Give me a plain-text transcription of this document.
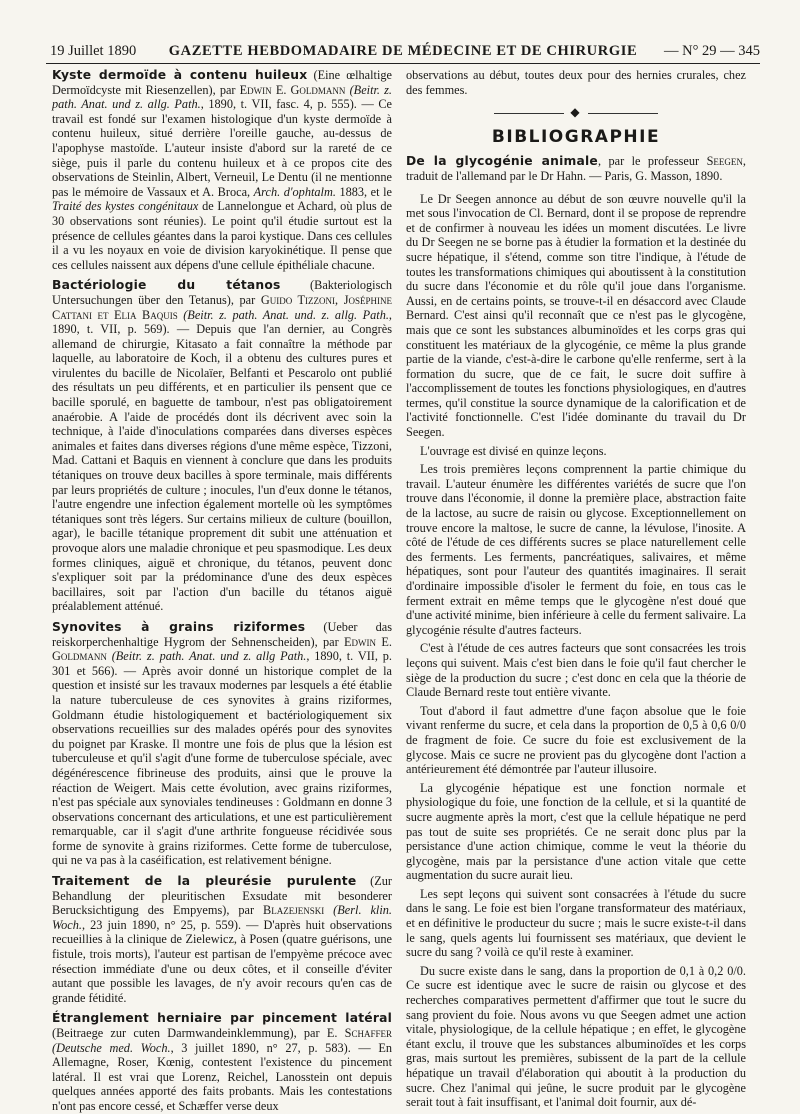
19 Juillet 1890	GAZETTE HEBDOMADAIRE DE MÉDECINE ET DE CHIRURGIE	— N° 29 — 345

Kyste dermoïde à contenu huileux (Eine œlhaltige Dermoïdcyste mit Riesenzellen), par Edwin E. Goldmann (Beitr. z. path. Anat. und z. allg. Path., 1890, t. VII, fasc. 4, p. 555). — Ce travail est fondé sur l'examen histologique d'un kyste dermoïde à contenu huileux, situé derrière l'oreille gauche, au-dessus de l'apophyse mastoïde. L'auteur insiste d'abord sur la rareté de ce siège, puis il parle du contenu huileux et à ce propos cite des observations de Steinlin, Albert, Verneuil, Le Dentu (il ne mentionne pas le mémoire de Vassaux et A. Broca, Arch. d'ophtalm. 1883, et le Traité des kystes congénitaux de Lannelongue et Achard, où plus de 30 observations sont réunies). Le point qu'il étudie surtout est la présence de cellules géantes dans la paroi kystique. Dans ces cellules il a vu les noyaux en voie de division karyokinétique. Il pense que ces cellules naissent aux dépens d'une cellule épithéliale chacune.

Bactériologie du tétanos (Bakteriologisch Untersuchungen über den Tetanus), par Guido Tizzoni, Joséphine Cattani et Elia Baquis (Beitr. z. path. Anat. und. z. allg. Path., 1890, t. VII, p. 569). — Depuis que l'an dernier, au Congrès allemand de chirurgie, Kitasato a fait connaître la méthode par laquelle, au laboratoire de Koch, il a obtenu des cultures pures et virulentes du bacille de Nicolaïer, Belfanti et Pescarolo ont publié des résultats un peu différents, et en particulier ils pensent que ce bacille sporulé, en baguette de tambour, n'est pas obligatoirement anaérobie. A l'aide de procédés dont ils décrivent avec soin la technique, à l'aide d'inoculations comparées dans diverses espèces animales et faites dans diverses régions d'une même espèce, Tizzoni, Mad. Cattani et Baquis en viennent à conclure que dans les produits tétaniques on trouve deux bacilles à spore terminale, mais différents par leurs propriétés de culture ; inocules, l'un d'eux donne le tétanos, l'autre engendre une infection également mortelle où les symptômes tétaniques sont très légers. Sur certains milieux de culture (bouillon, agar), le bacille tétanique proprement dit subit une atténuation et provoque alors une maladie chronique et peu spasmodique. Les deux formes cliniques, aiguë et chronique, du tétanos, peuvent donc s'expliquer soit par la prédominance d'une des deux espèces bacillaires, soit par l'action d'un bacille du tétanos aiguë préalablement atténué.

Synovites à grains riziformes (Ueber das reiskorperchenhaltige Hygrom der Sehnenscheiden), par Edwin E. Goldmann (Beitr. z. path. Anat. und z. allg Path., 1890, t. VII, p. 301 et 566). — Après avoir donné un historique complet de la question et insisté sur les travaux modernes par lesquels a été établie la nature tuberculeuse de ces synovites à grains riziformes, Goldmann étudie histologiquement et bactériologiquement six observations recueillies sur des malades opérés pour des synovites du poignet par Kraske. Il montre une fois de plus que la lésion est tuberculeuse et qu'il s'agit d'une forme de tuberculose spéciale, avec dégénérescence fibrineuse des produits, ainsi que le prouve la réaction de Weigert. Mais cette évolution, avec grains riziformes, n'est pas spéciale aux synoviales tendineuses : Goldmann en donne 3 observations concernant des articulations, et une est particulièrement remarquable, car il s'agit d'une arthrite fongueuse récidivée sous forme de synovite à grains riziformes. Cette forme de tuberculose, qui ne va pas à la caséification, est relativement bénigne.

Traitement de la pleurésie purulente (Zur Behandlung der pleuritischen Exsudate mit besonderer Berucksichtigung des Empyems), par Blazejenski (Berl. klin. Woch., 23 juin 1890, n° 25, p. 559). — D'après huit observations recueillies à la clinique de Zielewicz, à Posen (quatre guérisons, une fistule, trois morts), l'auteur est partisan de l'empyème précoce avec résection immédiate d'une ou deux côtes, et il conseille d'éviter autant que possible les lavages, de n'y avoir recours qu'en cas de grande fétidité.

Étranglement herniaire par pincement latéral (Beitraege zur cuten Darmwandeinklemmung), par E. Schaffer (Deutsche med. Woch., 3 juillet 1890, n° 27, p. 583). — En Allemagne, Roser, Kœnig, contestent l'existence du pincement latéral. Il est vrai que Lorenz, Reichel, Lanosstein ont depuis quelques années apporté des faits probants. Mais les contestations n'ont pas encore cessé, et Schæffer verse deux

observations au début, toutes deux pour des hernies crurales, chez des femmes.

◆
BIBLIOGRAPHIE

De la glycogénie animale, par le professeur Seegen, traduit de l'allemand par le Dr Hahn. — Paris, G. Masson, 1890.

Le Dr Seegen annonce au début de son œuvre nouvelle qu'il la met sous l'invocation de Cl. Bernard, dont il se propose de reprendre et de confirmer à nouveau les idées un moment discutées. Le livre du Dr Seegen ne se borne pas à étudier la formation et la destinée du sucre hépatique, il s'étend, comme son titre l'indique, à l'étude de toutes les transformations chimiques qui aboutissent à la constitution du sucre dans l'économie et du rôle qu'il joue dans l'organisme. Aussi, en de certains points, se trouve-t-il en désaccord avec Claude Bernard. C'est ainsi qu'il reconnaît que ce n'est pas le glycogène, mais que ce sont les substances albuminoïdes et les corps gras qui constituent les matériaux de la glycogénie, ce même la plus grande partie de la viande, c'est-à-dire le carbone qu'elle renferme, sert à la formation du sucre, que de ce fait, le sucre doit suffire à l'accomplissement de toutes les fonctions physiologiques, en d'autres termes, qu'il constitue la source dynamique de la calorification et de l'activité fonctionnelle. C'est l'idée dominante du travail du Dr Seegen.

L'ouvrage est divisé en quinze leçons.

Les trois premières leçons comprennent la partie chimique du travail. L'auteur énumère les différentes variétés de sucre que l'on trouve dans l'économie, il donne la première place, abstraction faite de la lactose, au sucre de raisin ou glycose. Exceptionnellement on trouve encore la maltose, le sucre de canne, la lévulose, l'inosite. A côté de l'étude de ces différents sucres se place naturellement celle des ferments. Les ferments, pancréatiques, salivaires, et même hépatiques, sont pour l'auteur des quantités imaginaires. Il serait d'ordinaire impossible d'isoler le ferment du foie, en tous cas le ferment extrait en même temps que le glycogène n'est doué que d'une activité minime, bien inférieure à celle du ferment salivaire. La glycogénie résulte d'autres facteurs.

C'est à l'étude de ces autres facteurs que sont consacrées les trois leçons qui suivent. Mais c'est bien dans le foie qu'il faut chercher le siège de la production du sucre ; c'est donc en cela que la théorie de Claude Bernard reste tout entière vivante.

Tout d'abord il faut admettre d'une façon absolue que le foie vivant renferme du sucre, et cela dans la proportion de 0,5 à 0,6 0/0 de fragment de foie. Ce sucre du foie est exclusivement de la glycose. Mais ce sucre ne provient pas du glycogène dont l'action a antérieurement été démontrée par l'auteur illusoire.

La glycogénie hépatique est une fonction normale et physiologique du foie, une fonction de la cellule, et si la quantité de sucre augmente après la mort, c'est que la cellule hépatique ne perd pas tout de suite ses propriétés. Ce ne serait donc plus par la persistance d'une action chimique, comme le veut la théorie du glycogène, mais par la persistance d'une action vitale que cette augmentation du sucre aurait lieu.

Les sept leçons qui suivent sont consacrées à l'étude du sucre dans le sang. Le foie est bien l'organe transformateur des matériaux, et en définitive le producteur du sucre ; mais le sucre existe-t-il dans le sang, quels agents lui fournissent ses matériaux, que devient le sucre du sang ? voilà ce qu'il reste à examiner.

Du sucre existe dans le sang, dans la proportion de 0,1 à 0,2 0/0. Ce sucre est identique avec le sucre de raisin ou glycose et des recherches comparatives permettent d'affirmer que tout le sucre du sang provient du foie. Nous avons vu que Seegen admet une action vitale, physiologique, de la cellule hépatique ; en effet, le glycogène étant exclu, il trouve que les substances albuminoïdes et les corps gras, mais surtout les premières, subissent de la part de la cellule hépatique un travail d'élaboration qui aboutit à la production du sucre. Chez l'animal qui jeûne, le sucre produit par le glycogène serait tout à fait insuffisant, et l'animal doit fournir, aux dé-
